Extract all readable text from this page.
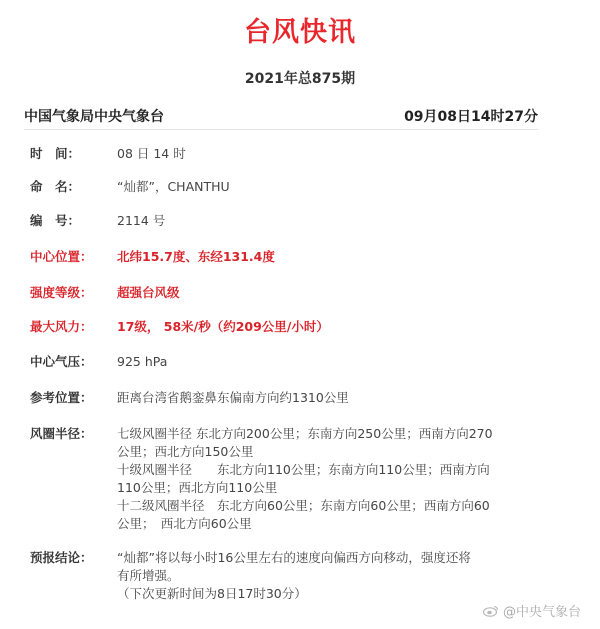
台风快讯
2021年总875期
中国气象局中央气象台	09月08日14时27分
时　间：	08 日 14 时
命　名：	“灿都”，CHANTHU
编　号：	2114 号
中心位置：	北纬15.7度、东经131.4度
强度等级：	超强台风级
最大风力：	17级， 58米/秒（约209公里/小时）
中心气压：	925 hPa
参考位置：	距离台湾省鹅銮鼻东偏南方向约1310公里
风圈半径：	七级风圈半径 东北方向200公里；东南方向250公里；西南方向270
公里；西北方向150公里
十级风圈半径　　东北方向110公里；东南方向110公里；西南方向
110公里；西北方向110公里
十二级风圈半径　东北方向60公里；东南方向60公里；西南方向60
公里；　西北方向60公里
预报结论：	“灿都”将以每小时16公里左右的速度向偏西方向移动，强度还将
有所增强。
（下次更新时间为8日17时30分）
@中央气象台
